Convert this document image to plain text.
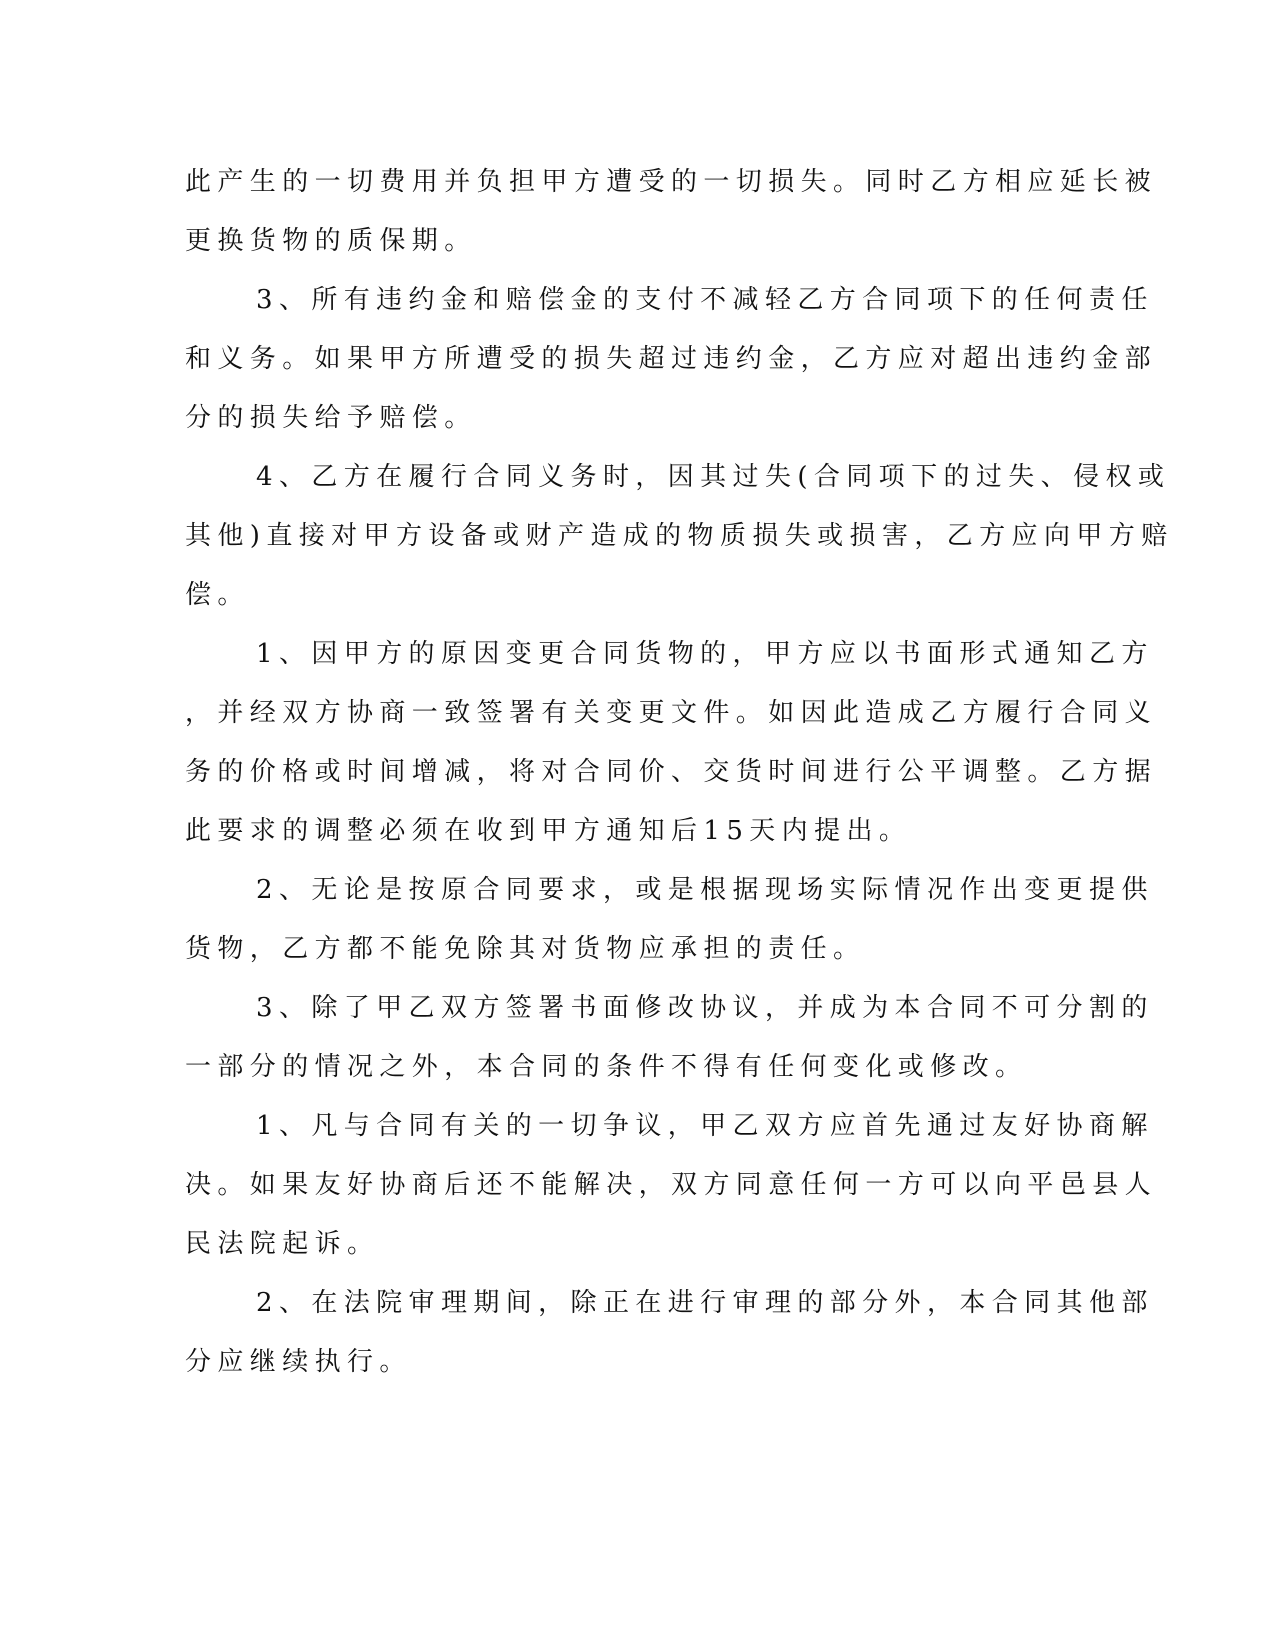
此产生的一切费用并负担甲方遭受的一切损失。同时乙方相应延长被
更换货物的质保期。
3、所有违约金和赔偿金的支付不减轻乙方合同项下的任何责任
和义务。如果甲方所遭受的损失超过违约金，乙方应对超出违约金部
分的损失给予赔偿。
4、乙方在履行合同义务时，因其过失(合同项下的过失、侵权或
其他)直接对甲方设备或财产造成的物质损失或损害，乙方应向甲方赔
偿。
1、因甲方的原因变更合同货物的，甲方应以书面形式通知乙方
，并经双方协商一致签署有关变更文件。如因此造成乙方履行合同义
务的价格或时间增减，将对合同价、交货时间进行公平调整。乙方据
此要求的调整必须在收到甲方通知后15天内提出。
2、无论是按原合同要求，或是根据现场实际情况作出变更提供
货物，乙方都不能免除其对货物应承担的责任。
3、除了甲乙双方签署书面修改协议，并成为本合同不可分割的
一部分的情况之外，本合同的条件不得有任何变化或修改。
1、凡与合同有关的一切争议，甲乙双方应首先通过友好协商解
决。如果友好协商后还不能解决，双方同意任何一方可以向平邑县人
民法院起诉。
2、在法院审理期间，除正在进行审理的部分外，本合同其他部
分应继续执行。
